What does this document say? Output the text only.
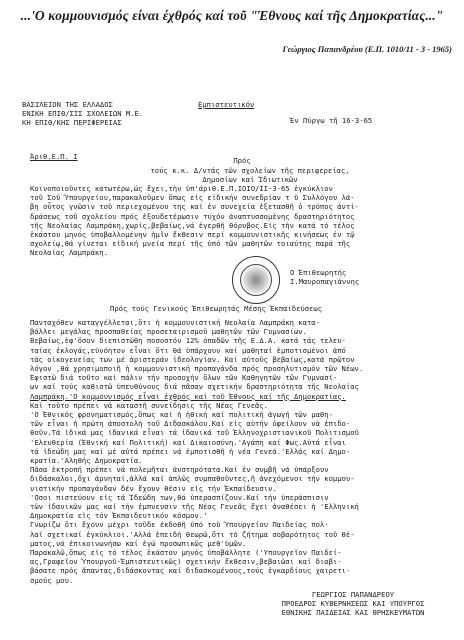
...'Ο κομμουνισμός είναι έχθρός καί τοῦ "Έθνους καί τῆς Δημοκρατίας..."
Γεώργιος Παπανδρέου (Ε.Π. 1010/11 - 3 - 1965)
ΒΑΣΙΛΕΙΟΝ ΤΗΣ ΕΛΛΑΔΟΣ
ΕΝΙΚΗ ΕΠΙΘ/ΣΙΣ ΣΧΟΛΕΙΩΝ Μ.Ε.
ΚΗ ΕΠΙΘ/ΚΗΣ ΠΕΡΙΦΕΡΕΙΑΣ
Εμπιστευτικόν
Έν Πύργω τῆ 16-3-65
Άριθ.Ε.Π. I	Πρός
τούς κ.κ. Δ/ντάς τῶν σχολείων τῆς περιφερείας,
Δημοσίων καί Ίδιωτικῶν
Κοινοποιοῦντες κατωτέρω,ώς ἔχει,τὴν ὑπ'άριθ.Ε.Π.ΙΟΙΟ/ΙΙ-3-65 ἐγκύκλιον
τοῦ Σοῦ Ύπουργείου,παρακαλοῦμεν ὅπως εἰς εἰδικήν συνεδρίαν τ ῦ Συλλόγου λά-
βη οὗτος γνῶσιν τοῦ περιεχομένου της καί ἐν συνεχεία ἐξετασθῆ ὁ τρόπος ἀντί-
δράσεως τοῦ σχολείου πρός ἐξουδετέρωσιν τυχόν ἀναπτυσσομένης δραστηριότητος
τῆς Νεολαίας Λαμπράκη,χωρίς,βεβαίως,νά ἐγερθῆ θόρυβος.Εἰς τὴν κατά τό τέλος
ἑκάστου μηνός ὑποβαλλομένην ἡμῖν ἔκθεσιν περί κομμουνιστικῆς κινήσεως ἐν τῷ
σχολείῳ,θά γίνεται εἰδική μνεία περί τῆς ὑπό τῶν μαθητῶν τοιαύτης παρά τῆς
Νεολαίας Λαμπράκη.
Ο Έπιθεωρητής
Ι.Μαυροπαγιάννης
Πρός τούς Γενικούς Έπιθεωρητάς Μέσης Έκπαιδεύσεως
Πανταχόθεν καταγγέλλεται,ὅτι ἡ κομμουνιστική Νεολαία Λαμπράκη κατα-
βάλλει μεγάλας προσπαθείας προσεταιρισμοῦ μαθητῶν τῶν Γυμνασίων.
Βεβαίως,ἐφ'ὅσον διεπιστώθη ποσοστόν 12% ὁπαδῶν τῆς Ε.Δ.Α. κατά τάς τελευ-
ταίας ἐκλογάς,εὐνόητον εἶναι ὅτι θά ὑπάρχουν καί μαθηταί ἐμποτισμένοι ἀπό
τάς οἰκογενείας των μέ ἀριστεράν ἰδεολογίαν. Καί αὐτοῦς βεβαίως,κατά πρῶτον
λόγον ,θά χρησιμοποιῆ ἡ κομμουνιστική προπαγάνδα πρός προσηλυτισμόν τῶν Νέων.
Έφιστῶ διά τοῦτο καί πάλιν τήν προσοχήν ὅλων τῶν Καθηγητῶν τῶν Γυμνασί-
ων καί τούς καθιστῶ ὑπευθύνους διά πᾶσαν σχετικήν δραστηριότητα τῆς Νεολαίας
Λαμπράκη.'Ο κομμουνισμός εἶναι ἐχθρός καί τοῦ Έθνους καί τῆς Δημοκρατίας.
Καί τοῦτο πρέπει νά καταστῆ συνείδησις τῆς Νέας Γενεᾶς.
'Ο Έθνικός φρονηματισμός,ὅπως καί ἡ ἠθική καί πολιτική ἀγωγή τῶν μαθη-
τῶν εἶναι ἡ πρώτη ἀποστολή τοῦ Διδασκάλου.Καί εἰς αὐτήν ὀφείλουν νά ἐπιδο-
θοῦν.Τά ἰδικά μας ἰδανικά εἶναι τά ἰδανικά τοῦ Έλληνοχριστιανικοῦ Πολιτισμοῦ
'Ελευθερία (Έθνική καί Πολιτική) καί Δικαιοσύνη.'Αγάπη καί Φως.Αὐτά εἶναι
τά ἰδεώδη μας καί μέ αὐτά πρέπει νά ἐμποτισθῆ ἡ νέα Γενεά.'Ελλάς καί Δημο-
κρατία.'Αληθής Δημοκρατία.
Πᾶσα ἐκτροπή πρέπει νά πολεμῆται ἀυστηρότατα.Καί ἐν συμβῆ νά ὑπάρξουν
διδάσκαλοι,ὄχι ἀρνηταί,ἀλλά καί ἁπλῶς συμπαθοῦντες,ἤ ἀνεχόμενοι τήν κομμου-
νιστικήν προπαγάνδαν δέν ἔχουν θέσιν εἰς τήν Έκπαίδευσιν.
'Οσοι πιστεύουν εἰς τά Ίδεώδη των,θά ὑπερασπίζουν.Καί τήν ὑπεράσπισιν
τῶν ἰδανικῶν μας καί τήν ἐμπνευσιν τῆς Νέας Γενεᾶς ἔχει ἀναθέσει ἡ 'Ελληνική
Δημοκρατία εἰς τόν Έκπαιδευτικόν κόσμον.'
Γνωρίζω ὅτι ἔχουν μέχρι τοῦδε ἐκδοθῆ ὑπό τοῦ Ύπουργείου Παιδείας πολ-
λαί σχετικαί ἐγκύκλιοι.'Αλλά ἐπειδή θεωρῶ,ὅτι τό ζήτημα σοβαρότητος τοῦ θέ-
ματος,νά ἐπικοινωνήσω καί ἐγώ προσωπικῶς μεθ'ὑμῶν.
Παρακαλῶ,ὅπως εἰς τό τέλος ἑκάστου μηνός ὑποβάλλητε ('Υπουργεῖον Παιδεί-
ας,Γραφεῖον Ύπουργοῦ-Έμπιστευτικῶς) σχετικήν ἔκθεσιν,βεβαιῶσι καί διαβι-
βάσατε πρός ἅπαντας,διδάσκοντας καί διδασκομένους,τούς ἐγκαρδίους χαιρετι-
σμούς μου.
ΓΕΩΡΓΙΟΣ ΠΑΠΑΝΔΡΕΟΥ
ΠΡΟΕΔΡΟΣ ΚΥΒΕΡΝΗΣΕΩΣ ΚΑΙ ΥΠΟΥΡΓΟΣ
ΕΘΝΙΚΗΣ ΠΑΙΔΕΙΑΣ ΚΑΙ ΘΡΗΣΚΕΥΜΑΤΩΝ
